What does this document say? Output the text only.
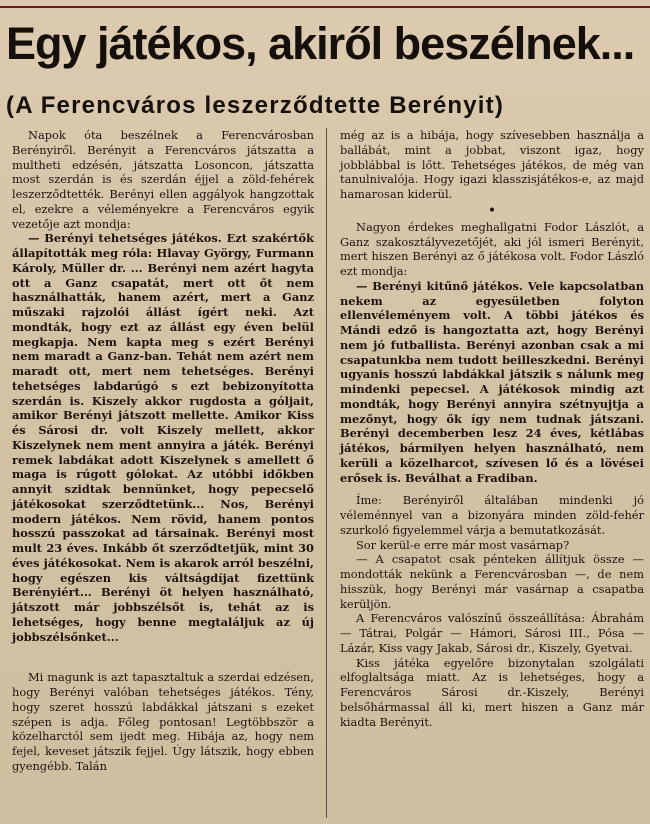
Egy játékos, akiről beszélnek...
(A Ferencváros leszerződtette Berényit)

Napok óta beszélnek a Ferencvárosban Berényiről. Berényit a Ferencváros játszatta a multheti edzésén, játszatta Losoncon, játszatta most szerdán is és szerdán éjjel a zöld-fehérek leszerződtették. Berényi ellen aggályok hangzottak el, ezekre a véleményekre a Ferencváros egyik vezetője azt mondja:

— Berényi tehetséges játékos. Ezt szakértők állapították meg róla: Hlavay György, Furmann Károly, Müller dr. ... Berényi nem azért hagyta ott a Ganz csapatát, mert ott őt nem használhatták, hanem azért, mert a Ganz műszaki rajzolói állást ígért neki. Azt mondták, hogy ezt az állást egy éven belül megkapja. Nem kapta meg s ezért Berényi nem maradt a Ganz-ban. Tehát nem azért nem maradt ott, mert nem tehetséges. Berényi tehetséges labdarúgó s ezt bebizonyította szerdán is. Kiszely akkor rugdosta a góljait, amikor Berényi játszott mellette. Amikor Kiss és Sárosi dr. volt Kiszely mellett, akkor Kiszelynek nem ment annyira a játék. Berényi remek labdákat adott Kiszelynek s amellett ő maga is rúgott gólokat. Az utóbbi időkben annyit szidtak bennünket, hogy pepecselő játékosokat szerződtetünk... Nos, Berényi modern játékos. Nem rövid, hanem pontos hosszú passzokat ad társainak. Berényi most mult 23 éves. Inkább őt szerződtetjük, mint 30 éves játékosokat. Nem is akarok arról beszélni, hogy egészen kis váltságdíjat fizettünk Berényiért... Berényi öt helyen használható, játszott már jobbszélsőt is, tehát az is lehetséges, hogy benne megtaláljuk az új jobbszélsőnket...

Mi magunk is azt tapasztaltuk a szerdai edzésen, hogy Berényi valóban tehetséges játékos. Tény, hogy szeret hosszú labdákkal játszani s ezeket szépen is adja. Főleg pontosan! Legtöbbször a közelharctól sem ijedt meg. Hibája az, hogy nem fejel, keveset játszik fejjel. Úgy látszik, hogy ebben gyengébb. Talán

még az is a hibája, hogy szívesebben használja a ballábát, mint a jobbat, viszont igaz, hogy jobblábbal is lőtt. Tehetséges játékos, de még van tanulnivalója. Hogy igazi klasszisjátékos-e, az majd hamarosan kiderül.

•

Nagyon érdekes meghallgatni Fodor Lászlót, a Ganz szakosztályvezetőjét, aki jól ismeri Berényit, mert hiszen Berényi az ő játékosa volt. Fodor László ezt mondja:

— Berényi kitűnő játékos. Vele kapcsolatban nekem az egyesületben folyton ellenvéleményem volt. A többi játékos és Mándi edző is hangoztatta azt, hogy Berényi nem jó futballista. Berényi azonban csak a mi csapatunkba nem tudott beilleszkedni. Berényi ugyanis hosszú labdákkal játszik s nálunk meg mindenki pepecsel. A játékosok mindig azt mondták, hogy Berényi annyira szétnyujtja a mezőnyt, hogy ők így nem tudnak játszani. Berényi decemberben lesz 24 éves, kétlábas játékos, bármilyen helyen használható, nem kerüli a közelharcot, szívesen lő és a lövései erősek is. Beválhat a Fradiban.

Íme: Berényiről általában mindenki jó véleménnyel van a bizonyára minden zöld-fehér szurkoló figyelemmel várja a bemutatkozását.

Sor kerül-e erre már most vasárnap?

— A csapatot csak pénteken állítjuk össze — mondották nekünk a Ferencvárosban —, de nem hisszük, hogy Berényi már vasárnap a csapatba kerüljön.

A Ferencváros valószínű összeállítása: Ábrahám — Tátrai, Polgár — Hámori, Sárosi III., Pósa — Lázár, Kiss vagy Jakab, Sárosi dr., Kiszely, Gyetvai.

Kiss játéka egyelőre bizonytalan szolgálati elfoglaltsága miatt. Az is lehetséges, hogy a Ferencváros Sárosi dr.-Kiszely, Berényi belsőhármassal áll ki, mert hiszen a Ganz már kiadta Berényit.
